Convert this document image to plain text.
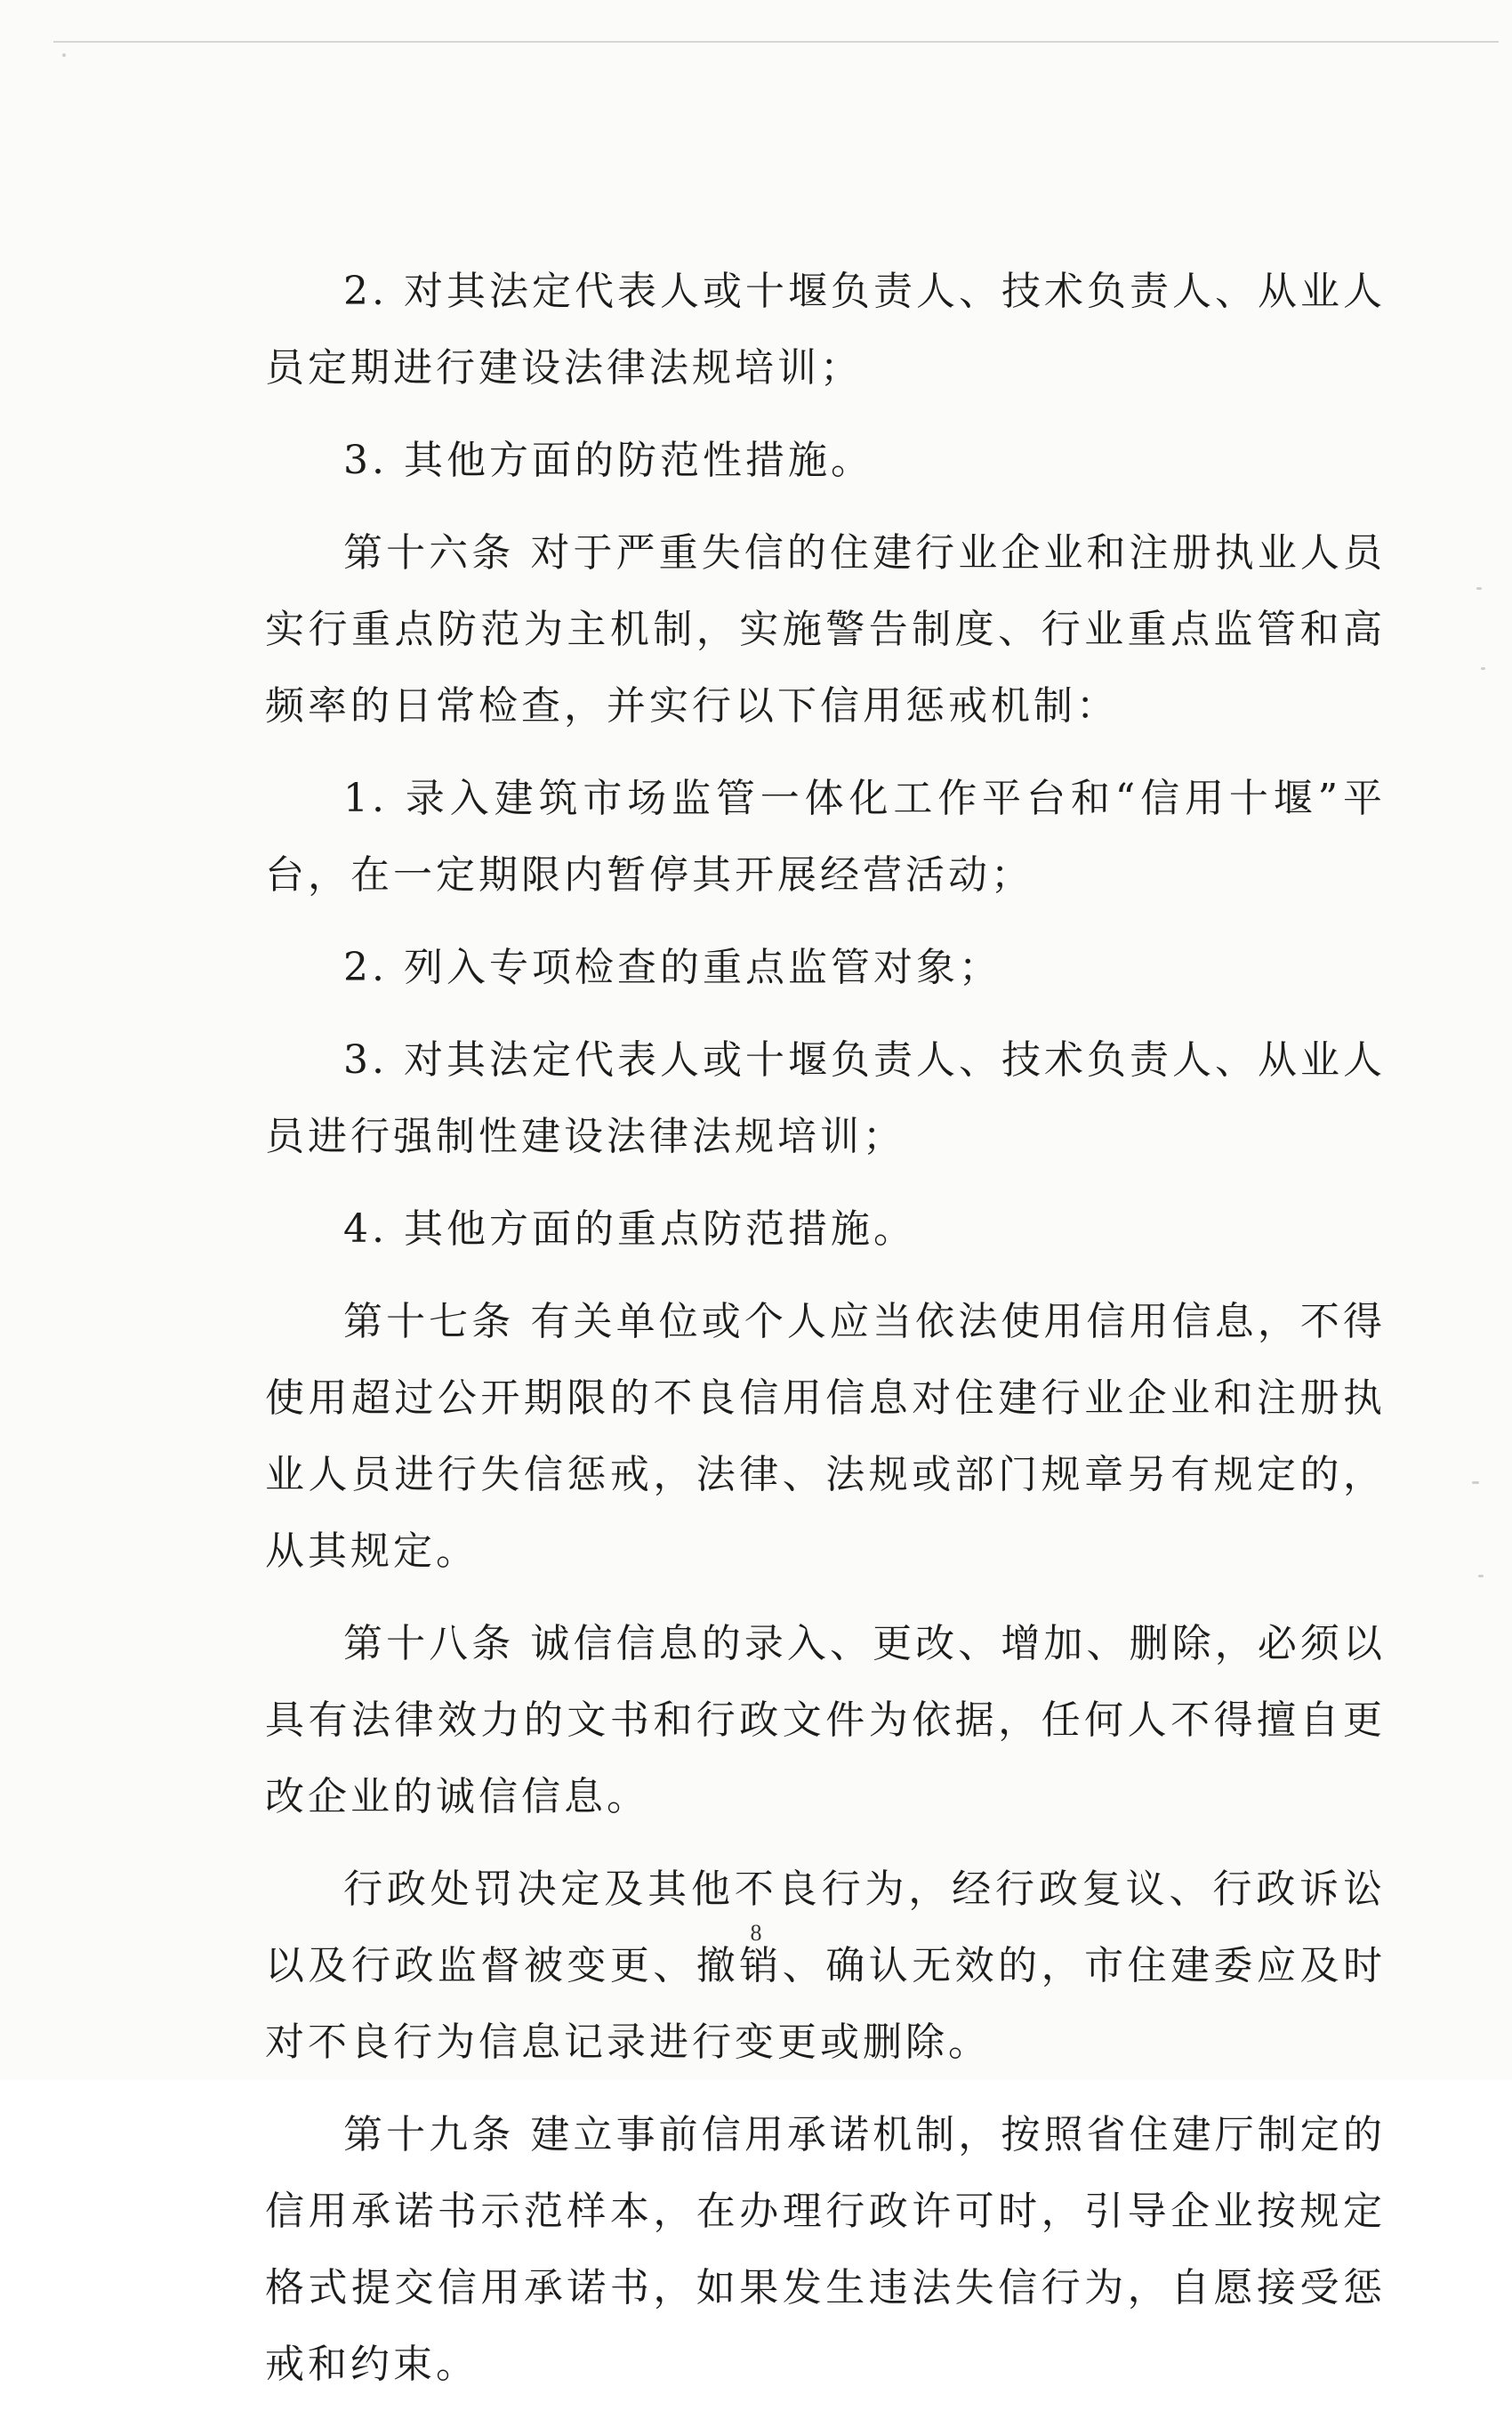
2. 对其法定代表人或十堰负责人、技术负责人、从业人员定期进行建设法律法规培训；

3. 其他方面的防范性措施。

第十六条 对于严重失信的住建行业企业和注册执业人员实行重点防范为主机制，实施警告制度、行业重点监管和高频率的日常检查，并实行以下信用惩戒机制：

1. 录入建筑市场监管一体化工作平台和“信用十堰”平台，在一定期限内暂停其开展经营活动；

2. 列入专项检查的重点监管对象；

3. 对其法定代表人或十堰负责人、技术负责人、从业人员进行强制性建设法律法规培训；

4. 其他方面的重点防范措施。

第十七条 有关单位或个人应当依法使用信用信息，不得使用超过公开期限的不良信用信息对住建行业企业和注册执业人员进行失信惩戒，法律、法规或部门规章另有规定的，从其规定。

第十八条 诚信信息的录入、更改、增加、删除，必须以具有法律效力的文书和行政文件为依据，任何人不得擅自更改企业的诚信信息。

行政处罚决定及其他不良行为，经行政复议、行政诉讼以及行政监督被变更、撤销、确认无效的，市住建委应及时对不良行为信息记录进行变更或删除。

第十九条 建立事前信用承诺机制，按照省住建厅制定的信用承诺书示范样本，在办理行政许可时，引导企业按规定格式提交信用承诺书，如果发生违法失信行为，自愿接受惩戒和约束。

8
